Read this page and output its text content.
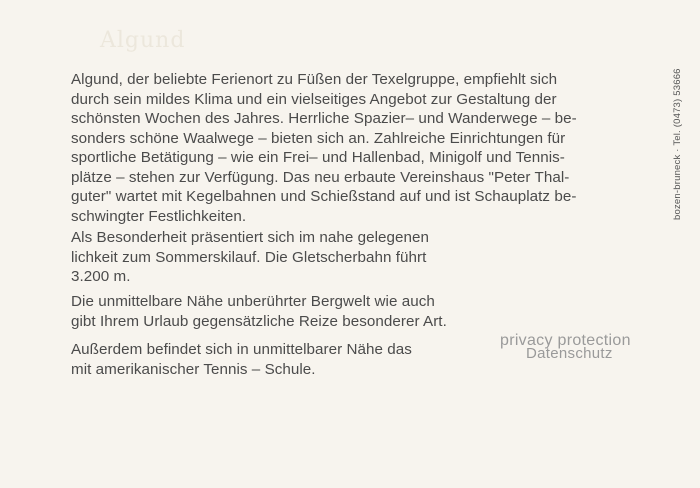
Algund
Algund, der beliebte Ferienort zu Füßen der Texelgruppe, empfiehlt sich
durch sein mildes Klima und ein vielseitiges Angebot zur Gestaltung der
schönsten Wochen des Jahres. Herrliche Spazier– und Wanderwege – be-
sonders schöne Waalwege – bieten sich an. Zahlreiche Einrichtungen für
sportliche Betätigung – wie ein Frei– und Hallenbad, Minigolf und Tennis-
plätze – stehen zur Verfügung. Das neu erbaute Vereinshaus "Peter Thal-
guter" wartet mit Kegelbahnen und Schießstand auf und ist Schauplatz be-
schwingter Festlichkeiten.
Als Besonderheit präsentiert sich im nahe gelegenen
lichkeit zum Sommerskilauf. Die Gletscherbahn führt
3.200 m.
Die unmittelbare Nähe unberührter Bergwelt wie auch
gibt Ihrem Urlaub gegensätzliche Reize besonderer Art.
Außerdem befindet sich in unmittelbarer Nähe das
mit amerikanischer Tennis – Schule.
privacy protection
Datenschutz
bozen-bruneck · Tel. (0473) 53666
